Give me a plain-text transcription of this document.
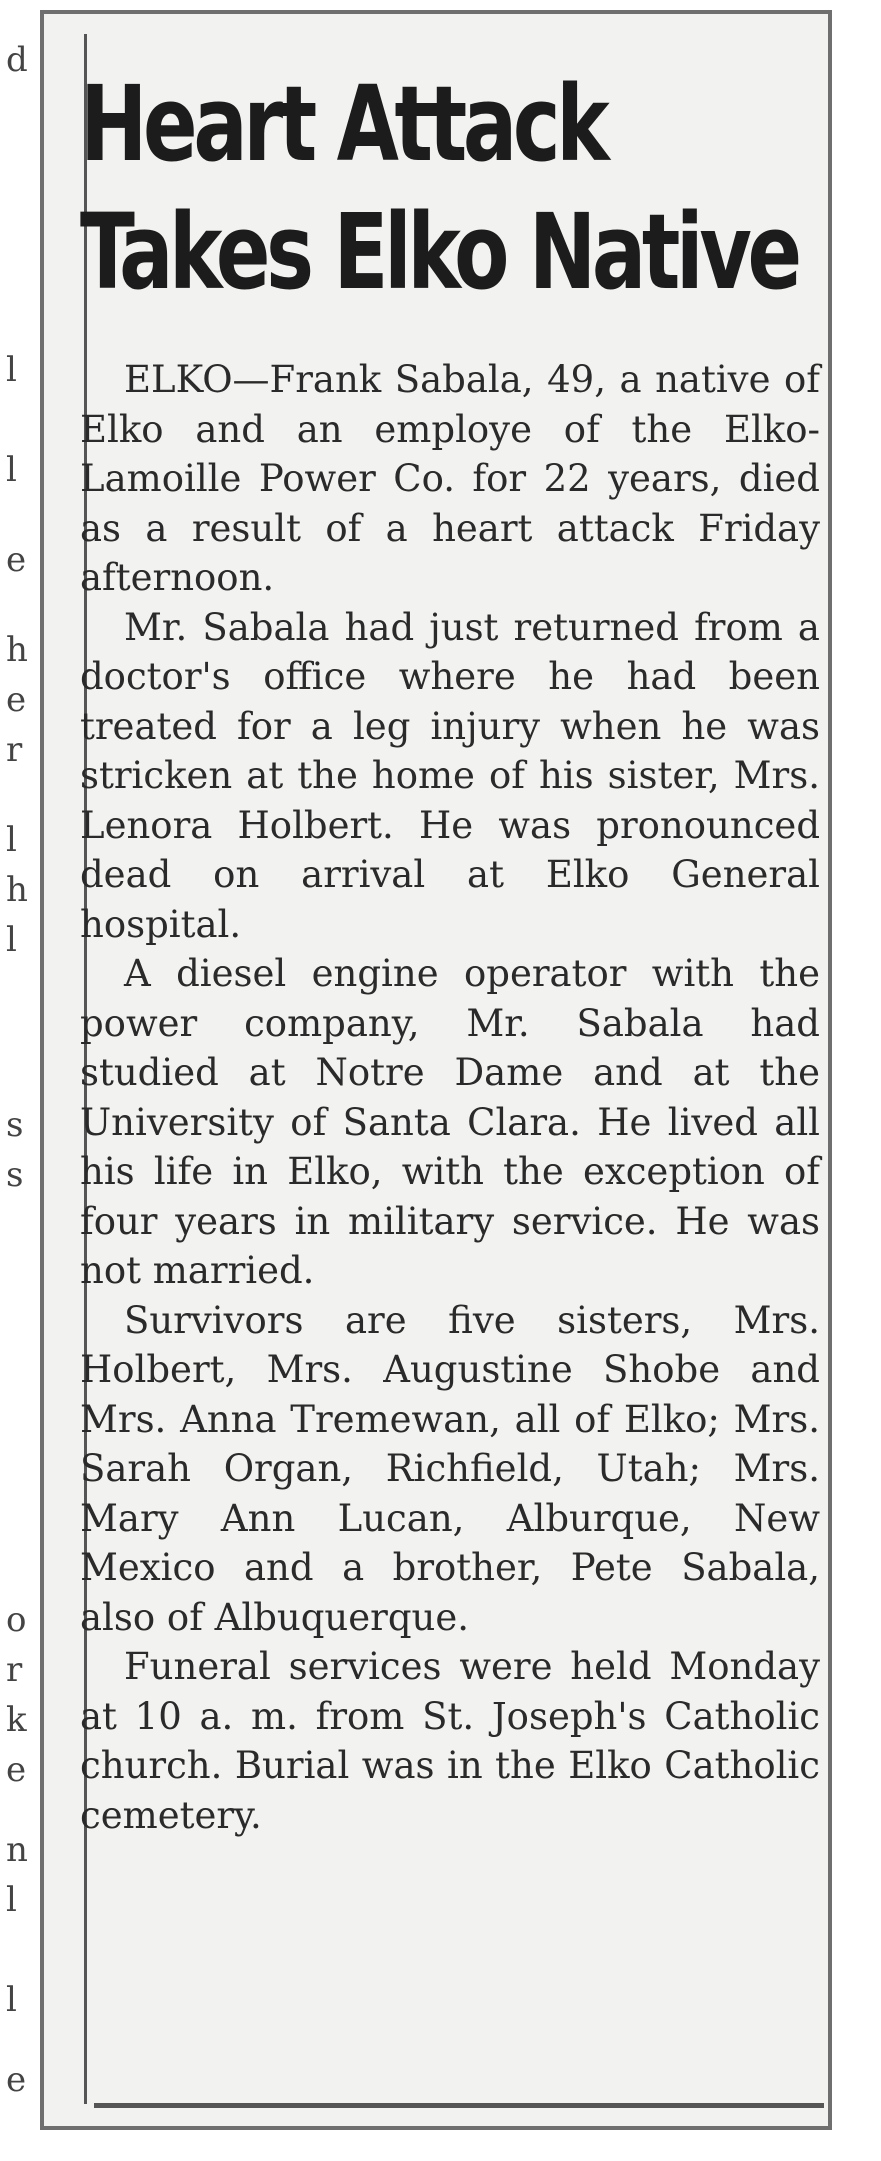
d
l
l
e
h
e
r
l
h
l
s
s
o
r
k
e
n
l
l
e
Heart Attack
Takes Elko Native

ELKO—Frank Sabala, 49, a native of Elko and an employe of the Elko-Lamoille Power Co. for 22 years, died as a result of a heart attack Friday afternoon.

Mr. Sabala had just returned from a doctor's office where he had been treated for a leg injury when he was stricken at the home of his sister, Mrs. Lenora Holbert. He was pronounced dead on arrival at Elko General hospital.

A diesel engine operator with the power company, Mr. Sabala had studied at Notre Dame and at the University of Santa Clara. He lived all his life in Elko, with the exception of four years in military service. He was not married.

Survivors are five sisters, Mrs. Holbert, Mrs. Augustine Shobe and Mrs. Anna Tremewan, all of Elko; Mrs. Sarah Organ, Richfield, Utah; Mrs. Mary Ann Lucan, Alburque, New Mexico and a brother, Pete Sabala, also of Albuquerque.

Funeral services were held Monday at 10 a. m. from St. Joseph's Catholic church. Burial was in the Elko Catholic cemetery.
